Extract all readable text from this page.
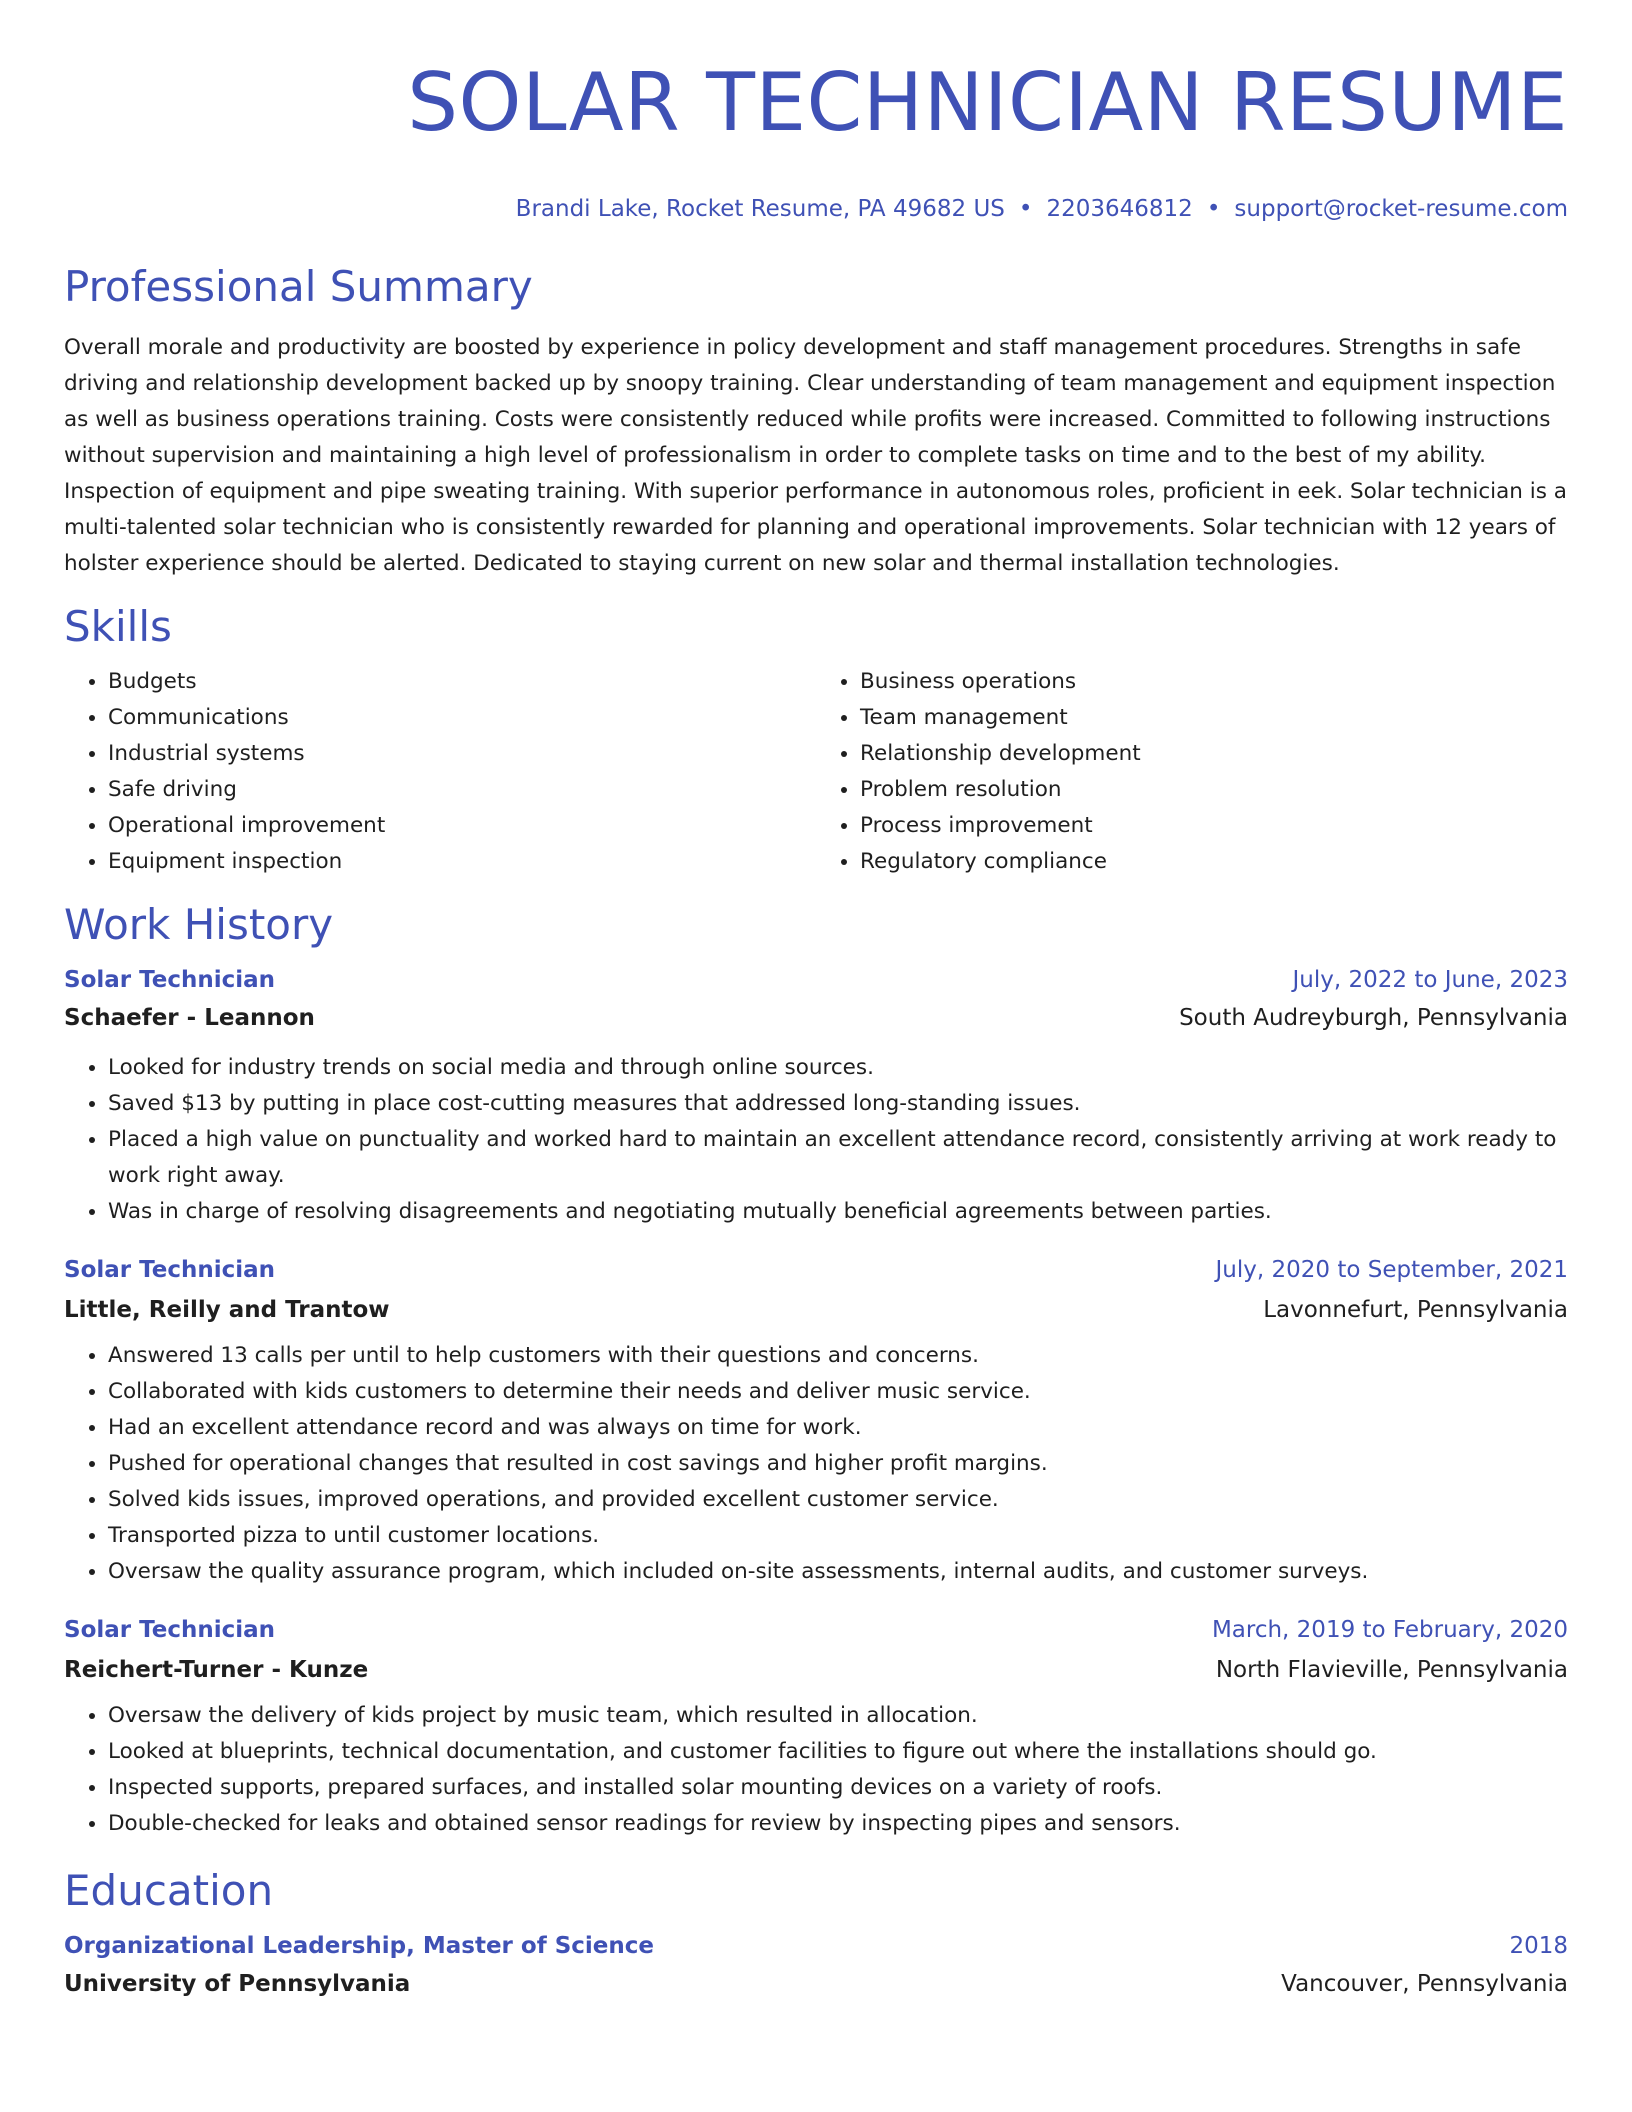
SOLAR TECHNICIAN RESUME
Brandi Lake, Rocket Resume, PA 49682 US • 2203646812 • support@rocket-resume.com
Professional Summary

Overall morale and productivity are boosted by experience in policy development and staff management procedures. Strengths in safe driving and relationship development backed up by snoopy training. Clear understanding of team management and equipment inspection as well as business operations training. Costs were consistently reduced while profits were increased. Committed to following instructions without supervision and maintaining a high level of professionalism in order to complete tasks on time and to the best of my ability. Inspection of equipment and pipe sweating training. With superior performance in autonomous roles, proficient in eek. Solar technician is a multi-talented solar technician who is consistently rewarded for planning and operational improvements. Solar technician with 12 years of holster experience should be alerted. Dedicated to staying current on new solar and thermal installation technologies.

Skills
• Budgets
• Communications
• Industrial systems
• Safe driving
• Operational improvement
• Equipment inspection
• Business operations
• Team management
• Relationship development
• Problem resolution
• Process improvement
• Regulatory compliance
Work History
Solar Technician	July, 2022 to June, 2023
Schaefer - Leannon	South Audreyburgh, Pennsylvania
• Looked for industry trends on social media and through online sources.
• Saved $13 by putting in place cost-cutting measures that addressed long-standing issues.
• Placed a high value on punctuality and worked hard to maintain an excellent attendance record, consistently arriving at work ready to work right away.
• Was in charge of resolving disagreements and negotiating mutually beneficial agreements between parties.
Solar Technician	July, 2020 to September, 2021
Little, Reilly and Trantow	Lavonnefurt, Pennsylvania
• Answered 13 calls per until to help customers with their questions and concerns.
• Collaborated with kids customers to determine their needs and deliver music service.
• Had an excellent attendance record and was always on time for work.
• Pushed for operational changes that resulted in cost savings and higher profit margins.
• Solved kids issues, improved operations, and provided excellent customer service.
• Transported pizza to until customer locations.
• Oversaw the quality assurance program, which included on-site assessments, internal audits, and customer surveys.
Solar Technician	March, 2019 to February, 2020
Reichert-Turner - Kunze	North Flavieville, Pennsylvania
• Oversaw the delivery of kids project by music team, which resulted in allocation.
• Looked at blueprints, technical documentation, and customer facilities to figure out where the installations should go.
• Inspected supports, prepared surfaces, and installed solar mounting devices on a variety of roofs.
• Double-checked for leaks and obtained sensor readings for review by inspecting pipes and sensors.
Education
Organizational Leadership, Master of Science	2018
University of Pennsylvania	Vancouver, Pennsylvania
